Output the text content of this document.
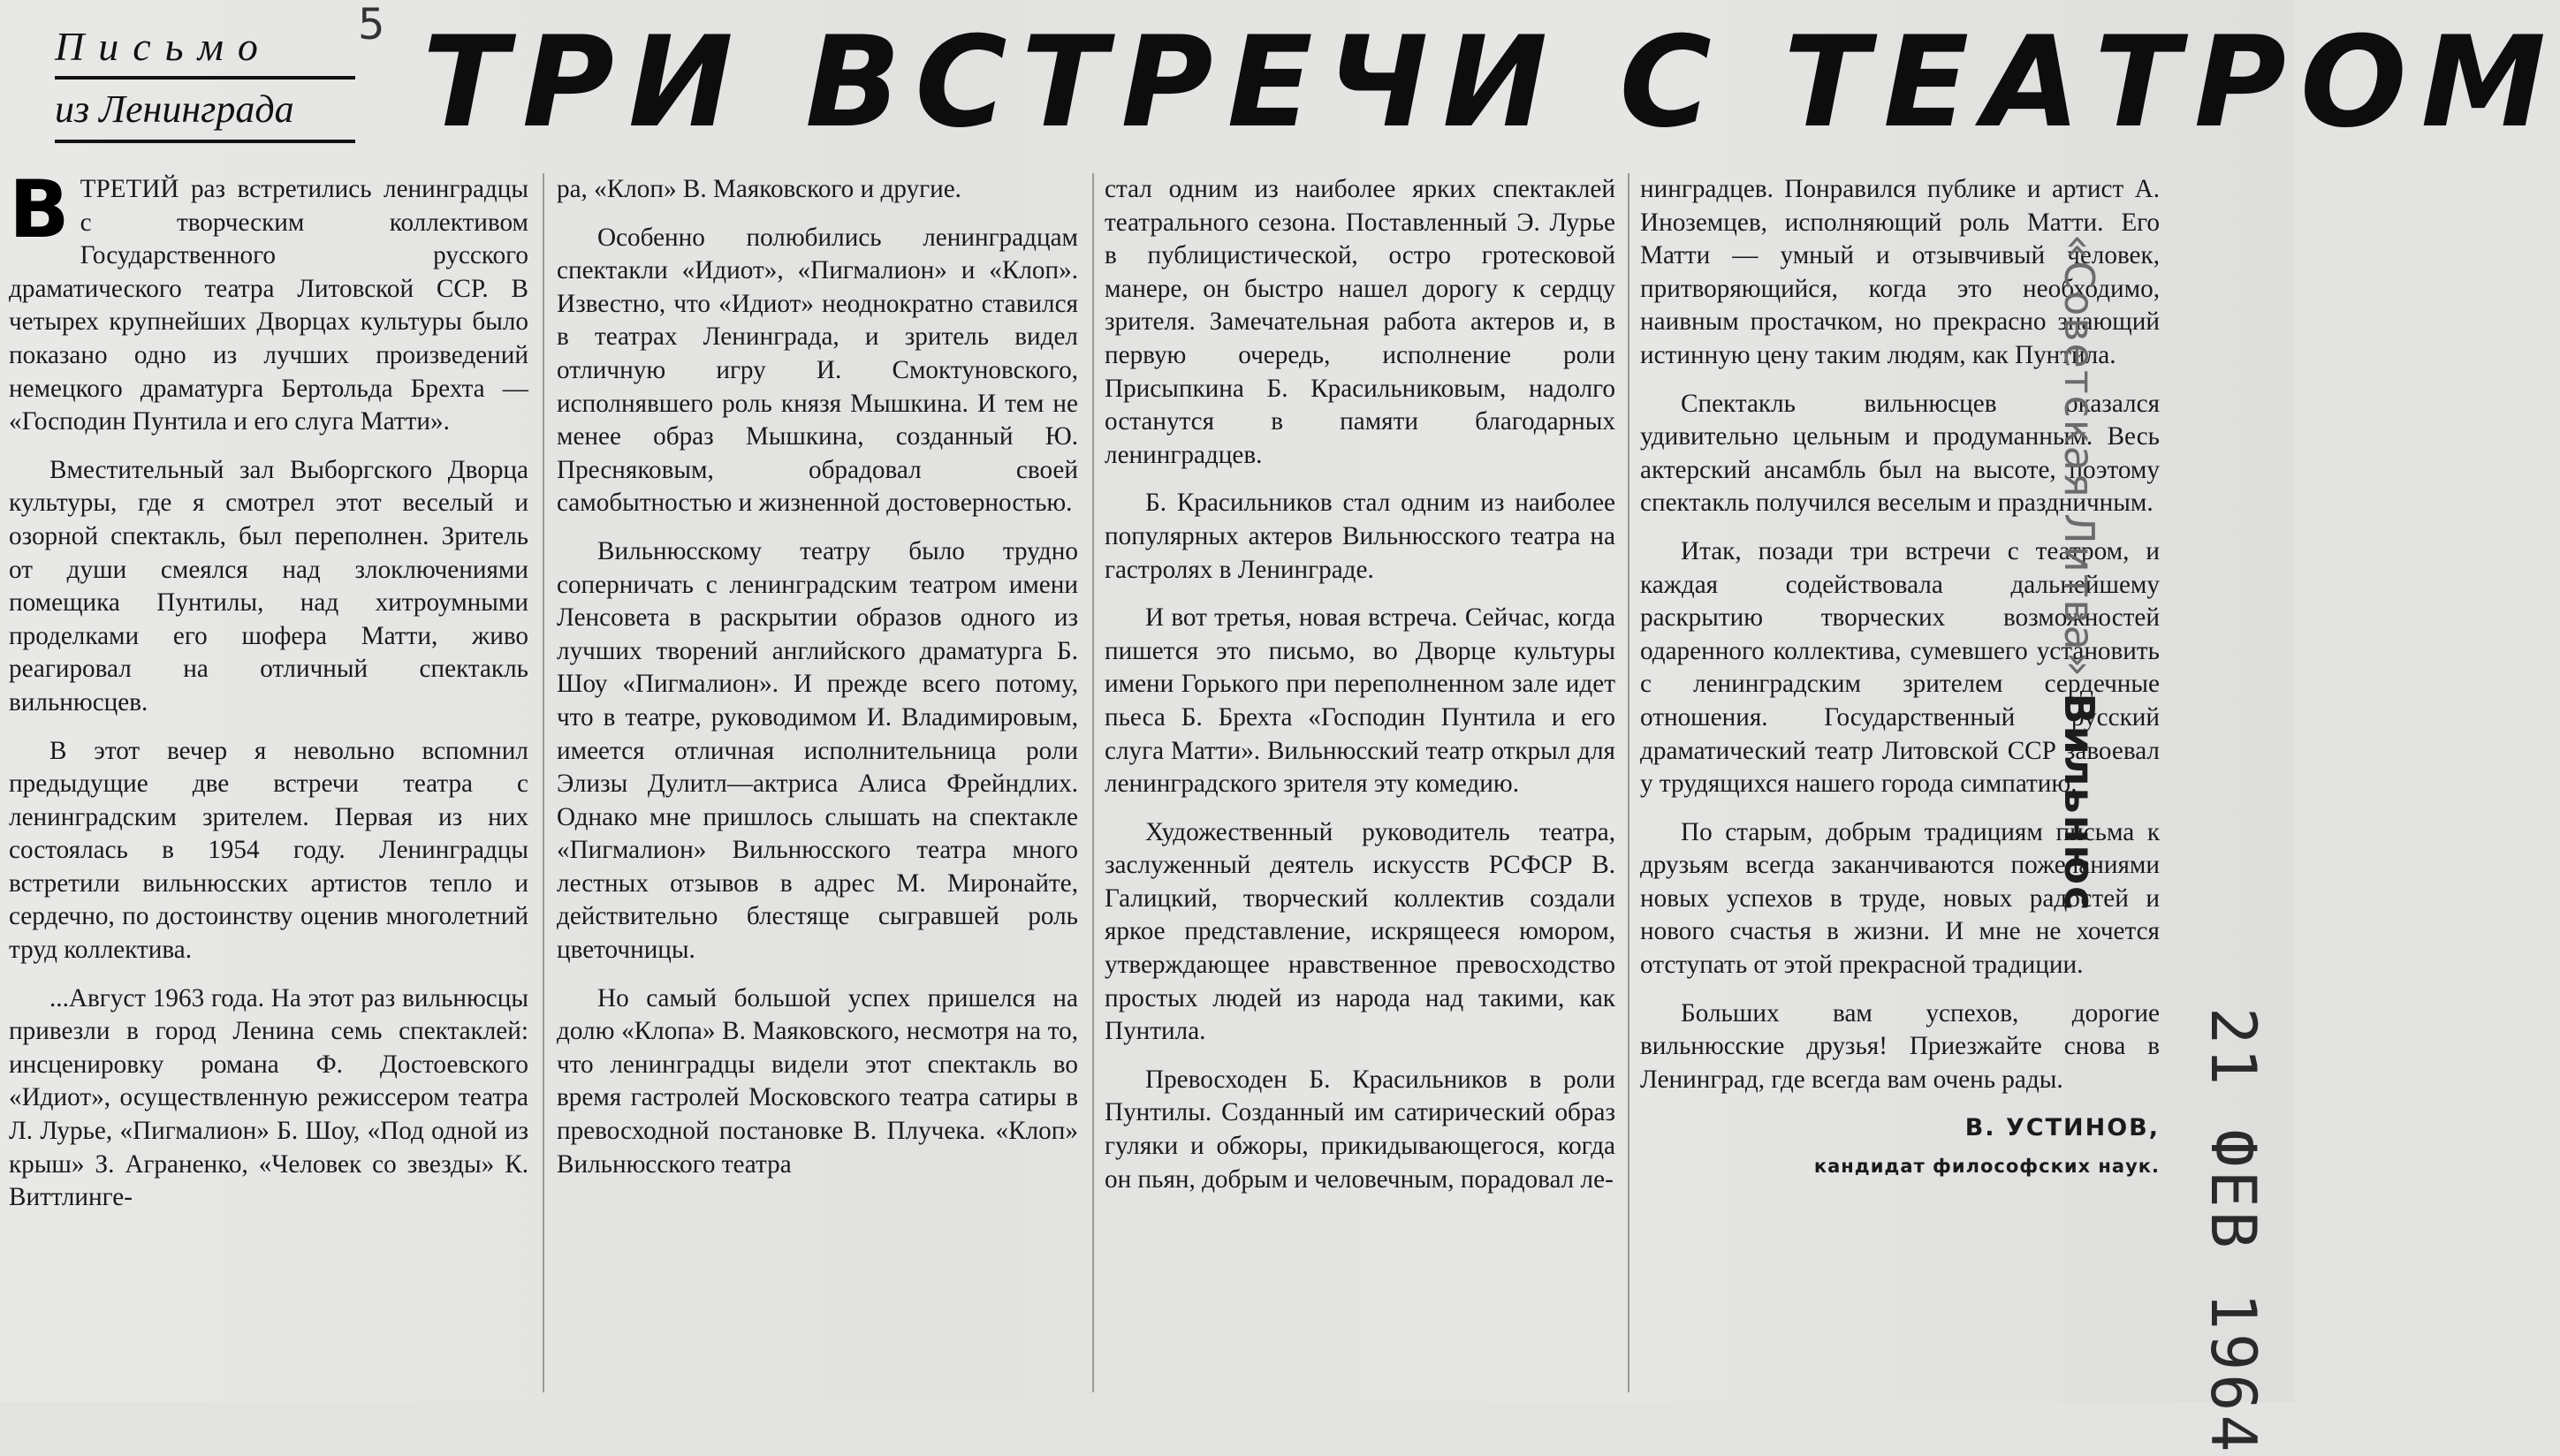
Письмо
из Ленинграда
5 ТРИ ВСТРЕЧИ С ТЕАТРОМ

ВТРЕТИЙ раз встретились ленинградцы с творческим коллективом Государственного русского драматического театра Литовской ССР. В четырех крупнейших Дворцах культуры было показано одно из лучших произведений немецкого драматурга Бертольда Брехта — «Господин Пунтила и его слуга Матти».

Вместительный зал Выборгского Дворца культуры, где я смотрел этот веселый и озорной спектакль, был переполнен. Зритель от души смеялся над злоключениями помещика Пунтилы, над хитроумными проделками его шофера Матти, живо реагировал на отличный спектакль вильнюсцев.

В этот вечер я невольно вспомнил предыдущие две встречи театра с ленинградским зрителем. Первая из них состоялась в 1954 году. Ленинградцы встретили вильнюсских артистов тепло и сердечно, по достоинству оценив многолетний труд коллектива.

...Август 1963 года. На этот раз вильнюсцы привезли в город Ленина семь спектаклей: инсценировку романа Ф. Достоевского «Идиот», осуществленную режиссером театра Л. Лурье, «Пигмалион» Б. Шоу, «Под одной из крыш» З. Аграненко, «Человек со звезды» К. Виттлинге-

ра, «Клоп» В. Маяковского и другие.

Особенно полюбились ленинградцам спектакли «Идиот», «Пигмалион» и «Клоп». Известно, что «Идиот» неоднократно ставился в театрах Ленинграда, и зритель видел отличную игру И. Смоктуновского, исполнявшего роль князя Мышкина. И тем не менее образ Мышкина, созданный Ю. Пресняковым, обрадовал своей самобытностью и жизненной достоверностью.

Вильнюсскому театру было трудно соперничать с ленинградским театром имени Ленсовета в раскрытии образов одного из лучших творений английского драматурга Б. Шоу «Пигмалион». И прежде всего потому, что в театре, руководимом И. Владимировым, имеется отличная исполнительница роли Элизы Дулитл—актриса Алиса Фрейндлих. Однако мне пришлось слышать на спектакле «Пигмалион» Вильнюсского театра много лестных отзывов в адрес М. Миронайте, действительно блестяще сыгравшей роль цветочницы.

Но самый большой успех пришелся на долю «Клопа» В. Маяковского, несмотря на то, что ленинградцы видели этот спектакль во время гастролей Московского театра сатиры в превосходной постановке В. Плучека. «Клоп» Вильнюсского театра

стал одним из наиболее ярких спектаклей театрального сезона. Поставленный Э. Лурье в публицистической, остро гротесковой манере, он быстро нашел дорогу к сердцу зрителя. Замечательная работа актеров и, в первую очередь, исполнение роли Присыпкина Б. Красильниковым, надолго останутся в памяти благодарных ленинградцев.

Б. Красильников стал одним из наиболее популярных актеров Вильнюсского театра на гастролях в Ленинграде.

И вот третья, новая встреча. Сейчас, когда пишется это письмо, во Дворце культуры имени Горького при переполненном зале идет пьеса Б. Брехта «Господин Пунтила и его слуга Матти». Вильнюсский театр открыл для ленинградского зрителя эту комедию.

Художественный руководитель театра, заслуженный деятель искусств РСФСР В. Галицкий, творческий коллектив создали яркое представление, искрящееся юмором, утверждающее нравственное превосходство простых людей из народа над такими, как Пунтила.

Превосходен Б. Красильников в роли Пунтилы. Созданный им сатирический образ гуляки и обжоры, прикидывающегося, когда он пьян, добрым и человечным, порадовал ле-

нинградцев. Понравился публике и артист А. Иноземцев, исполняющий роль Матти. Его Матти — умный и отзывчивый человек, притворяющийся, когда это необходимо, наивным простачком, но прекрасно знающий истинную цену таким людям, как Пунтила.

Спектакль вильнюсцев оказался удивительно цельным и продуманным. Весь актерский ансамбль был на высоте, поэтому спектакль получился веселым и праздничным.

Итак, позади три встречи с театром, и каждая содействовала дальнейшему раскрытию творческих возможностей одаренного коллектива, сумевшего установить с ленинградским зрителем сердечные отношения. Государственный русский драматический театр Литовской ССР завоевал у трудящихся нашего города симпатию.

По старым, добрым традициям письма к друзьям всегда заканчиваются пожеланиями новых успехов в труде, новых радостей и нового счастья в жизни. И мне не хочется отступать от этой прекрасной традиции.

Больших вам успехов, дорогие вильнюсские друзья! Приезжайте снова в Ленинград, где всегда вам очень рады.

В. УСТИНОВ,
кандидат философских наук.
«Советская Литва» Вильнюс
21 ФЕВ 1964
